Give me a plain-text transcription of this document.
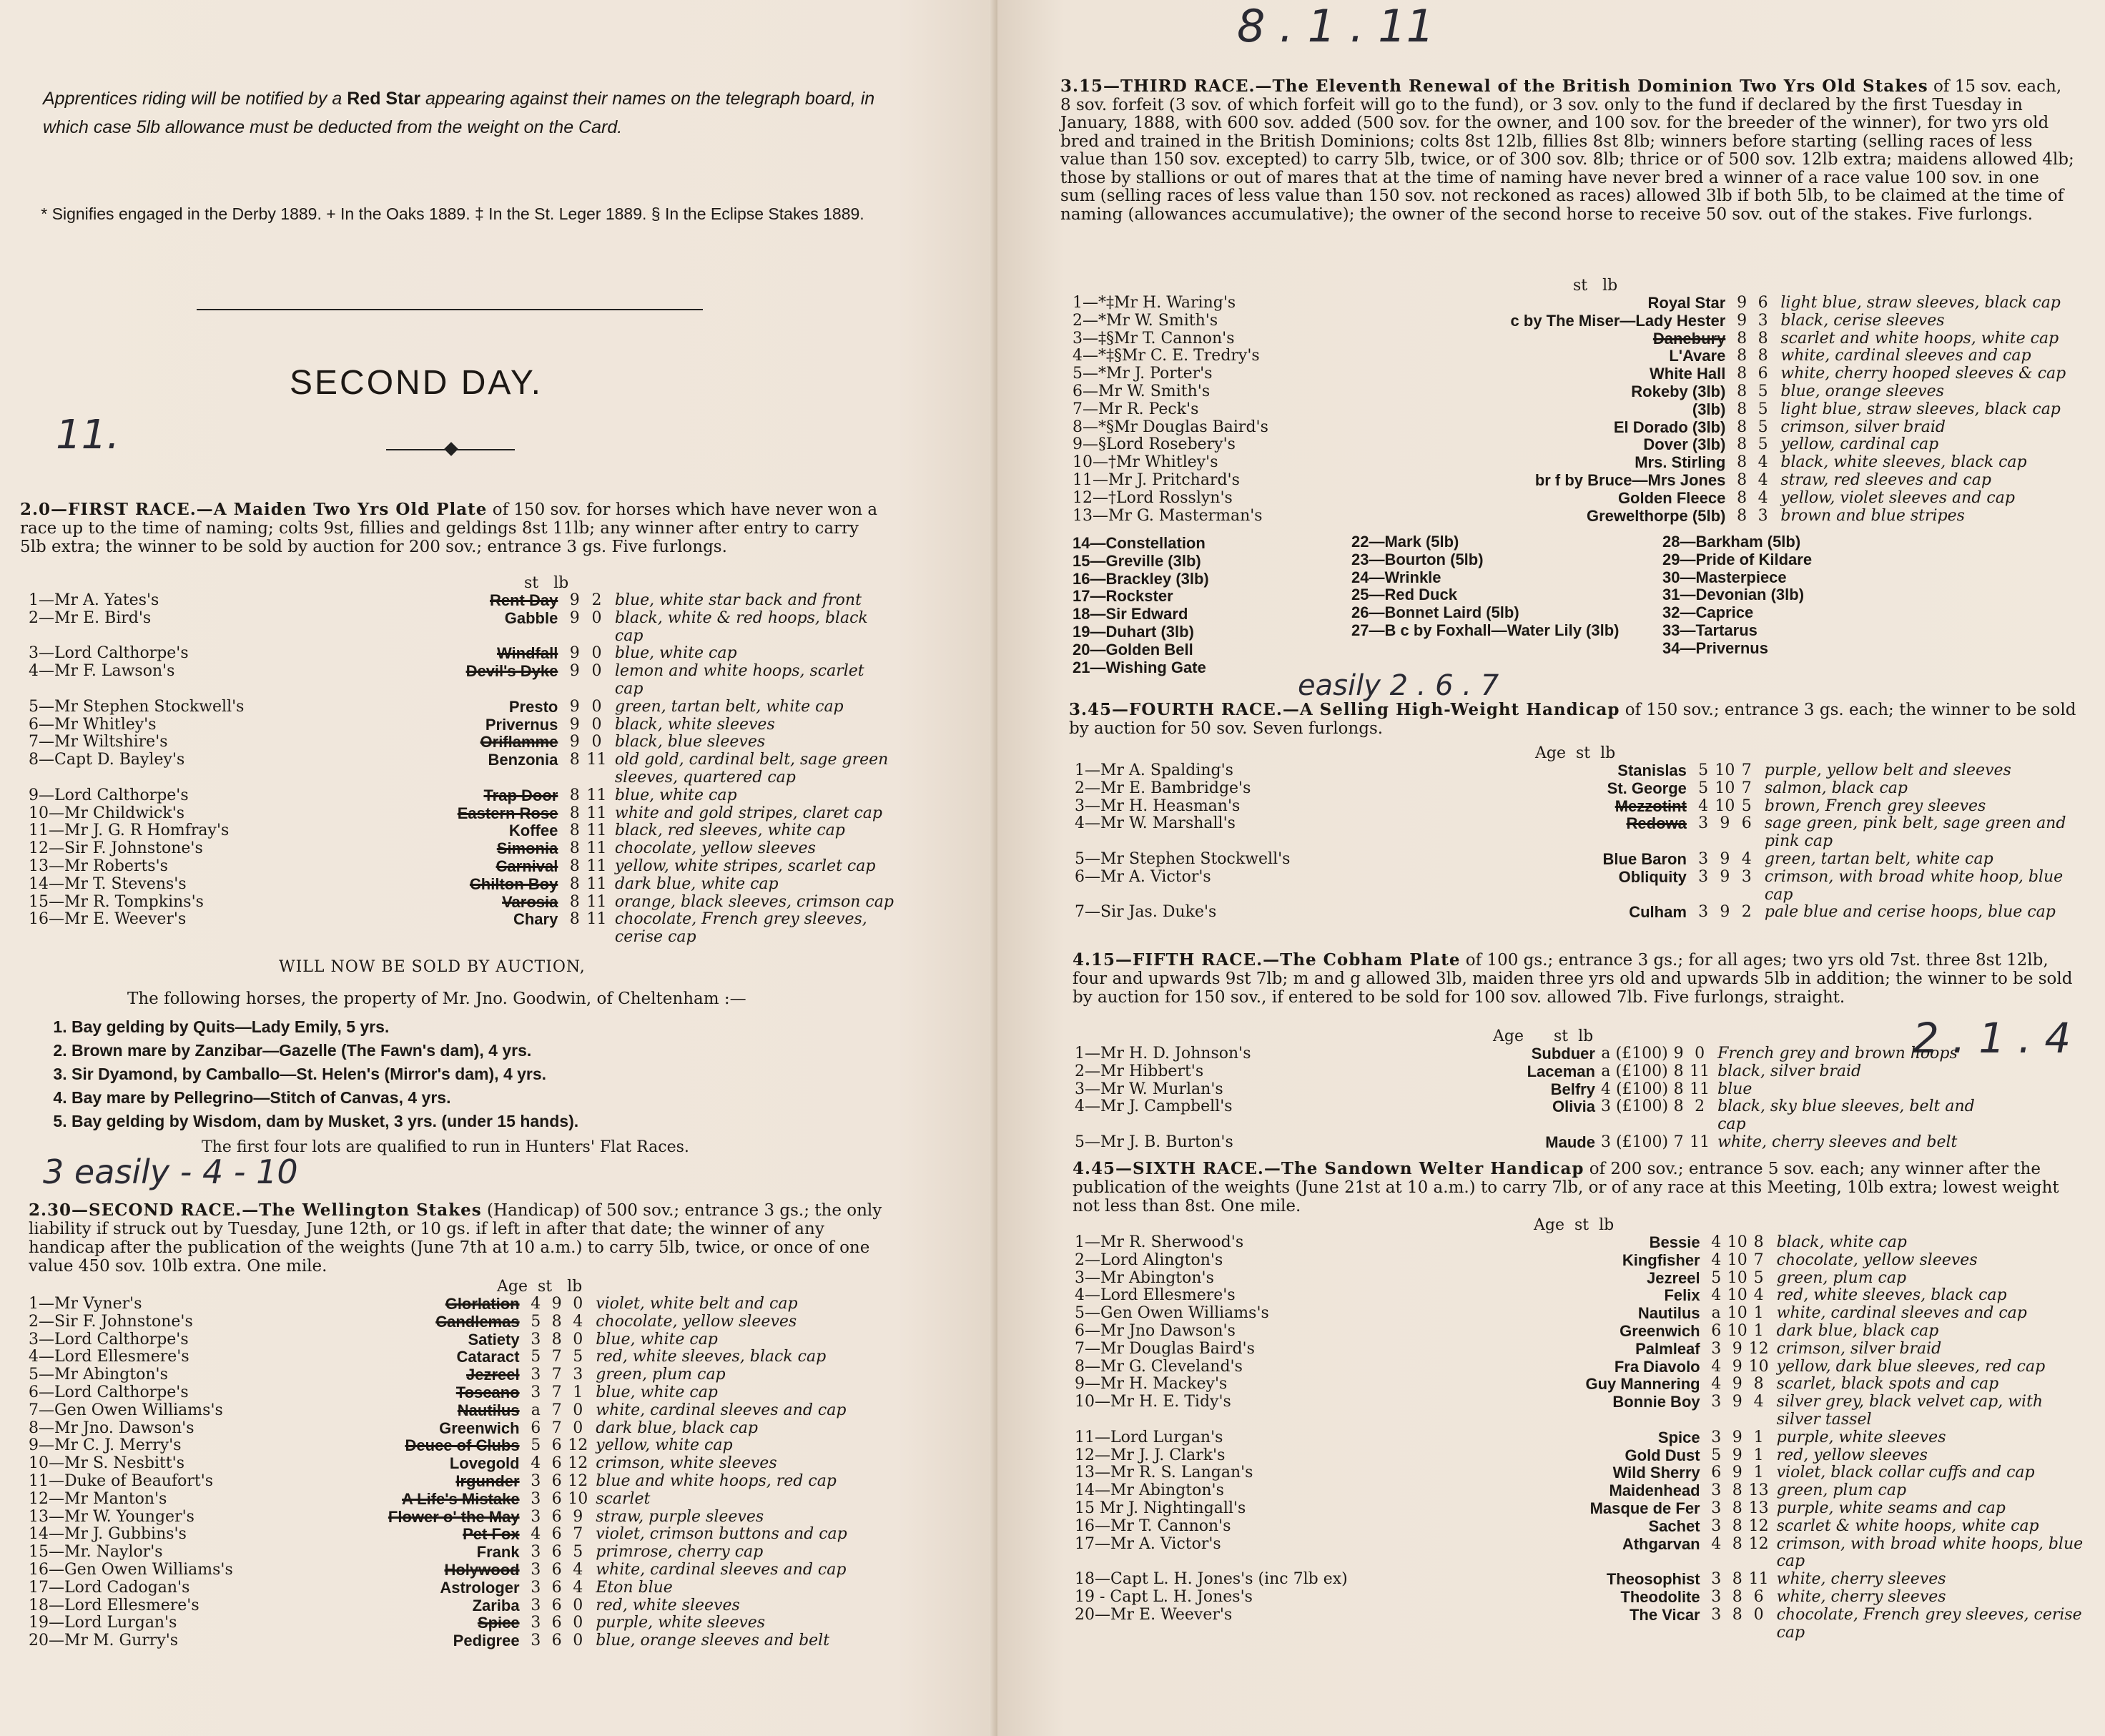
Apprentices riding will be notified by a Red Star appearing against their names on the telegraph board, in which case 5lb allowance must be deducted from the weight on the Card.
* Signifies engaged in the Derby 1889. + In the Oaks 1889. ‡ In the St. Leger 1889. § In the Eclipse Stakes 1889.
SECOND DAY.
11.
2.0—FIRST RACE.—A Maiden Two Yrs Old Plate of 150 sov. for horses which have never won a race up to the time of naming; colts 9st, fillies and geldings 8st 11lb; any winner after entry to carry 5lb extra; the winner to be sold by auction for 200 sov.; entrance 3 gs. Five furlongs.
st lb
1—Mr A. Yates's	Rent Day	9	2	blue, white star back and front
2—Mr E. Bird's	Gabble	9	0	black, white & red hoops, black cap
3—Lord Calthorpe's	Windfall	9	0	blue, white cap
4—Mr F. Lawson's	Devil's Dyke	9	0	lemon and white hoops, scarlet cap
5—Mr Stephen Stockwell's	Presto	9	0	green, tartan belt, white cap
6—Mr Whitley's	Privernus	9	0	black, white sleeves
7—Mr Wiltshire's	Oriflamme	9	0	black, blue sleeves
8—Capt D. Bayley's	Benzonia	8	11	old gold, cardinal belt, sage green sleeves, quartered cap
9—Lord Calthorpe's	Trap Door	8	11	blue, white cap
10—Mr Childwick's	Eastern Rose	8	11	white and gold stripes, claret cap
11—Mr J. G. R Homfray's	Koffee	8	11	black, red sleeves, white cap
12—Sir F. Johnstone's	Simonia	8	11	chocolate, yellow sleeves
13—Mr Roberts's	Carnival	8	11	yellow, white stripes, scarlet cap
14—Mr T. Stevens's	Chilton Boy	8	11	dark blue, white cap
15—Mr R. Tompkins's	Varosia	8	11	orange, black sleeves, crimson cap
16—Mr E. Weever's	Chary	8	11	chocolate, French grey sleeves, cerise cap
WILL NOW BE SOLD BY AUCTION,
The following horses, the property of Mr. Jno. Goodwin, of Cheltenham :—
1. Bay gelding by Quits—Lady Emily, 5 yrs.
2. Brown mare by Zanzibar—Gazelle (The Fawn's dam), 4 yrs.
3. Sir Dyamond, by Camballo—St. Helen's (Mirror's dam), 4 yrs.
4. Bay mare by Pellegrino—Stitch of Canvas, 4 yrs.
5. Bay gelding by Wisdom, dam by Musket, 3 yrs. (under 15 hands).
The first four lots are qualified to run in Hunters' Flat Races.
3 easily - 4 - 10
2.30—SECOND RACE.—The Wellington Stakes (Handicap) of 500 sov.; entrance 3 gs.; the only liability if struck out by Tuesday, June 12th, or 10 gs. if left in after that date; the winner of any handicap after the publication of the weights (June 7th at 10 a.m.) to carry 5lb, twice, or once of one value 450 sov. 10lb extra. One mile.
Age st lb
1—Mr Vyner's	Glorlation	4	9	0	violet, white belt and cap
2—Sir F. Johnstone's	Candlemas	5	8	4	chocolate, yellow sleeves
3—Lord Calthorpe's	Satiety	3	8	0	blue, white cap
4—Lord Ellesmere's	Cataract	5	7	5	red, white sleeves, black cap
5—Mr Abington's	Jezreel	3	7	3	green, plum cap
6—Lord Calthorpe's	Toscano	3	7	1	blue, white cap
7—Gen Owen Williams's	Nautilus	a	7	0	white, cardinal sleeves and cap
8—Mr Jno. Dawson's	Greenwich	6	7	0	dark blue, black cap
9—Mr C. J. Merry's	Deuce of Clubs	5	6	12	yellow, white cap
10—Mr S. Nesbitt's	Lovegold	4	6	12	crimson, white sleeves
11—Duke of Beaufort's	Irgunder	3	6	12	blue and white hoops, red cap
12—Mr Manton's	A Life's Mistake	3	6	10	scarlet
13—Mr W. Younger's	Flower o' the May	3	6	9	straw, purple sleeves
14—Mr J. Gubbins's	Pet Fox	4	6	7	violet, crimson buttons and cap
15—Mr. Naylor's	Frank	3	6	5	primrose, cherry cap
16—Gen Owen Williams's	Holywood	3	6	4	white, cardinal sleeves and cap
17—Lord Cadogan's	Astrologer	3	6	4	Eton blue
18—Lord Ellesmere's	Zariba	3	6	0	red, white sleeves
19—Lord Lurgan's	Spice	3	6	0	purple, white sleeves
20—Mr M. Gurry's	Pedigree	3	6	0	blue, orange sleeves and belt
8 . 1 . 11
3.15—THIRD RACE.—The Eleventh Renewal of the British Dominion Two Yrs Old Stakes of 15 sov. each, 8 sov. forfeit (3 sov. of which forfeit will go to the fund), or 3 sov. only to the fund if declared by the first Tuesday in January, 1888, with 600 sov. added (500 sov. for the owner, and 100 sov. for the breeder of the winner), for two yrs old bred and trained in the British Dominions; colts 8st 12lb, fillies 8st 8lb; winners before starting (selling races of less value than 150 sov. excepted) to carry 5lb, twice, or of 300 sov. 8lb; thrice or of 500 sov. 12lb extra; maidens allowed 4lb; those by stallions or out of mares that at the time of naming have never bred a winner of a race value 100 sov. in one sum (selling races of less value than 150 sov. not reckoned as races) allowed 3lb if both 5lb, to be claimed at the time of naming (allowances accumulative); the owner of the second horse to receive 50 sov. out of the stakes. Five furlongs.
st lb
1—*‡Mr H. Waring's	Royal Star	9	6	light blue, straw sleeves, black cap
2—*Mr W. Smith's	c by The Miser—Lady Hester	9	3	black, cerise sleeves
3—‡§Mr T. Cannon's	Danebury	8	8	scarlet and white hoops, white cap
4—*‡§Mr C. E. Tredry's	L'Avare	8	8	white, cardinal sleeves and cap
5—*Mr J. Porter's	White Hall	8	6	white, cherry hooped sleeves & cap
6—Mr W. Smith's	Rokeby (3lb)	8	5	blue, orange sleeves
7—Mr R. Peck's	(3lb)	8	5	light blue, straw sleeves, black cap
8—*§Mr Douglas Baird's	El Dorado (3lb)	8	5	crimson, silver braid
9—§Lord Rosebery's	Dover (3lb)	8	5	yellow, cardinal cap
10—†Mr Whitley's	Mrs. Stirling	8	4	black, white sleeves, black cap
11—Mr J. Pritchard's	br f by Bruce—Mrs Jones	8	4	straw, red sleeves and cap
12—†Lord Rosslyn's	Golden Fleece	8	4	yellow, violet sleeves and cap
13—Mr G. Masterman's	Grewelthorpe (5lb)	8	3	brown and blue stripes
14—Constellation
15—Greville (3lb)
16—Brackley (3lb)
17—Rockster
18—Sir Edward
19—Duhart (3lb)
20—Golden Bell
21—Wishing Gate
22—Mark (5lb)
23—Bourton (5lb)
24—Wrinkle
25—Red Duck
26—Bonnet Laird (5lb)
27—B c by Foxhall—Water Lily (3lb)
28—Barkham (5lb)
29—Pride of Kildare
30—Masterpiece
31—Devonian (3lb)
32—Caprice
33—Tartarus
34—Privernus
easily 2 . 6 . 7
3.45—FOURTH RACE.—A Selling High-Weight Handicap of 150 sov.; entrance 3 gs. each; the winner to be sold by auction for 50 sov. Seven furlongs.
Age st lb
1—Mr A. Spalding's	Stanislas	5	10	7	purple, yellow belt and sleeves
2—Mr E. Bambridge's	St. George	5	10	7	salmon, black cap
3—Mr H. Heasman's	Mezzotint	4	10	5	brown, French grey sleeves
4—Mr W. Marshall's	Redowa	3	9	6	sage green, pink belt, sage green and pink cap
5—Mr Stephen Stockwell's	Blue Baron	3	9	4	green, tartan belt, white cap
6—Mr A. Victor's	Obliquity	3	9	3	crimson, with broad white hoop, blue cap
7—Sir Jas. Duke's	Culham	3	9	2	pale blue and cerise hoops, blue cap
4.15—FIFTH RACE.—The Cobham Plate of 100 gs.; entrance 3 gs.; for all ages; two yrs old 7st. three 8st 12lb, four and upwards 9st 7lb; m and g allowed 3lb, maiden three yrs old and upwards 5lb in addition; the winner to be sold by auction for 150 sov., if entered to be sold for 100 sov. allowed 7lb. Five furlongs, straight.
Age st lb	2 . 1 . 4
1—Mr H. D. Johnson's	Subduer	a (£100)	9	0	French grey and brown hoops
2—Mr Hibbert's	Laceman	a (£100)	8	11	black, silver braid
3—Mr W. Murlan's	Belfry	4 (£100)	8	11	blue
4—Mr J. Campbell's	Olivia	3 (£100)	8	2	black, sky blue sleeves, belt and cap
5—Mr J. B. Burton's	Maude	3 (£100)	7	11	white, cherry sleeves and belt
4.45—SIXTH RACE.—The Sandown Welter Handicap of 200 sov.; entrance 5 sov. each; any winner after the publication of the weights (June 21st at 10 a.m.) to carry 7lb, or of any race at this Meeting, 10lb extra; lowest weight not less than 8st. One mile.
Age st lb
1—Mr R. Sherwood's	Bessie	4	10	8	black, white cap
2—Lord Alington's	Kingfisher	4	10	7	chocolate, yellow sleeves
3—Mr Abington's	Jezreel	5	10	5	green, plum cap
4—Lord Ellesmere's	Felix	4	10	4	red, white sleeves, black cap
5—Gen Owen Williams's	Nautilus	a	10	1	white, cardinal sleeves and cap
6—Mr Jno Dawson's	Greenwich	6	10	1	dark blue, black cap
7—Mr Douglas Baird's	Palmleaf	3	9	12	crimson, silver braid
8—Mr G. Cleveland's	Fra Diavolo	4	9	10	yellow, dark blue sleeves, red cap
9—Mr H. Mackey's	Guy Mannering	4	9	8	scarlet, black spots and cap
10—Mr H. E. Tidy's	Bonnie Boy	3	9	4	silver grey, black velvet cap, with silver tassel
11—Lord Lurgan's	Spice	3	9	1	purple, white sleeves
12—Mr J. J. Clark's	Gold Dust	5	9	1	red, yellow sleeves
13—Mr R. S. Langan's	Wild Sherry	6	9	1	violet, black collar cuffs and cap
14—Mr Abington's	Maidenhead	3	8	13	green, plum cap
15 Mr J. Nightingall's	Masque de Fer	3	8	13	purple, white seams and cap
16—Mr T. Cannon's	Sachet	3	8	12	scarlet & white hoops, white cap
17—Mr A. Victor's	Athgarvan	4	8	12	crimson, with broad white hoops, blue cap
18—Capt L. H. Jones's (inc 7lb ex)	Theosophist	3	8	11	white, cherry sleeves
19 - Capt L. H. Jones's	Theodolite	3	8	6	white, cherry sleeves
20—Mr E. Weever's	The Vicar	3	8	0	chocolate, French grey sleeves, cerise cap
